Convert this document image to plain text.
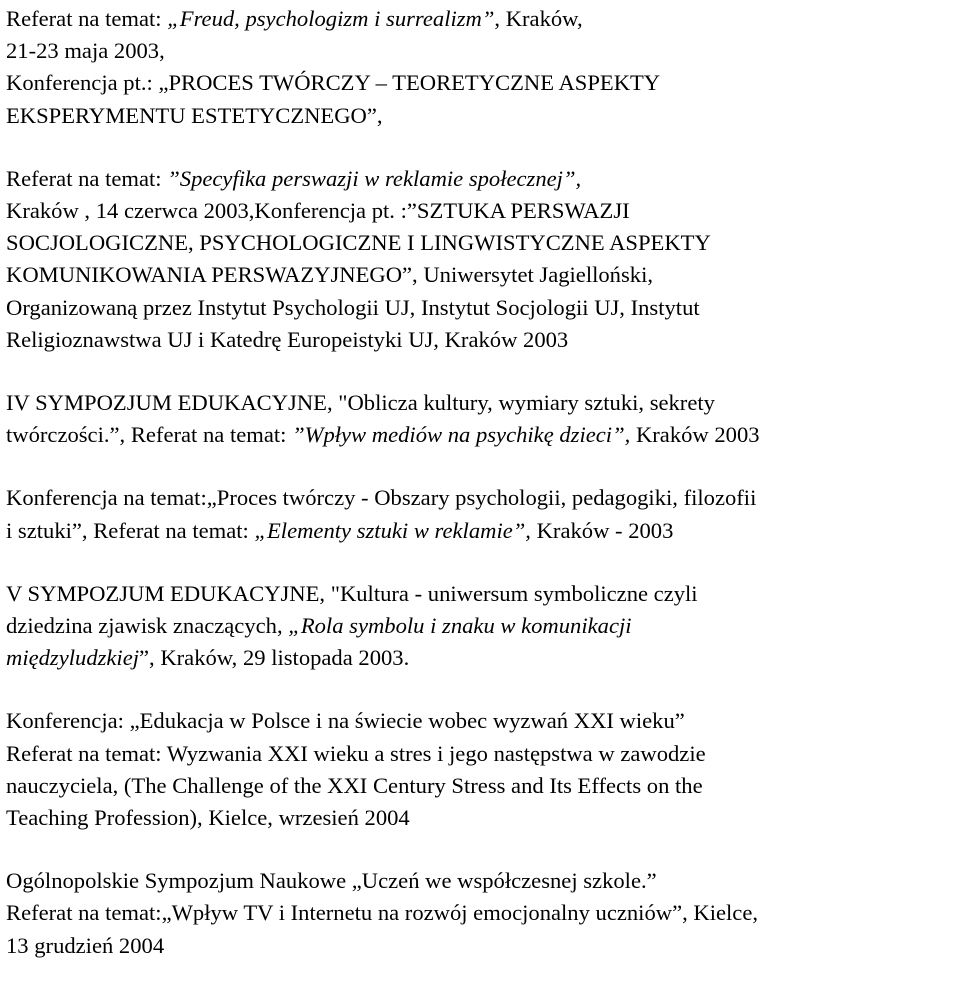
Referat na temat: „Freud, psychologizm i surrealizm”, Kraków,
21-23 maja 2003,
Konferencja pt.: „PROCES TWÓRCZY – TEORETYCZNE ASPEKTY
EKSPERYMENTU ESTETYCZNEGO”,
Referat na temat: ”Specyfika perswazji w reklamie społecznej”,
Kraków , 14 czerwca 2003,Konferencja pt. :”SZTUKA PERSWAZJI
SOCJOLOGICZNE, PSYCHOLOGICZNE I LINGWISTYCZNE ASPEKTY
KOMUNIKOWANIA PERSWAZYJNEGO”, Uniwersytet Jagielloński,
Organizowaną przez Instytut Psychologii UJ, Instytut Socjologii UJ, Instytut
Religioznawstwa UJ i Katedrę Europeistyki UJ, Kraków 2003
IV SYMPOZJUM EDUKACYJNE, "Oblicza kultury, wymiary sztuki, sekrety
twórczości.”, Referat na temat: ”Wpływ mediów na psychikę dzieci”, Kraków 2003
Konferencja na temat:„Proces twórczy - Obszary psychologii, pedagogiki, filozofii
i sztuki”, Referat na temat: „Elementy sztuki w reklamie”, Kraków - 2003
V SYMPOZJUM EDUKACYJNE, "Kultura - uniwersum symboliczne czyli
dziedzina zjawisk znaczących, „Rola symbolu i znaku w komunikacji
międzyludzkiej”, Kraków, 29 listopada 2003.
Konferencja: „Edukacja w Polsce i na świecie wobec wyzwań XXI wieku”
Referat na temat: Wyzwania XXI wieku a stres i jego następstwa w zawodzie
nauczyciela, (The Challenge of the XXI Century Stress and Its Effects on the
Teaching Profession), Kielce, wrzesień 2004
Ogólnopolskie Sympozjum Naukowe „Uczeń we współczesnej szkole.”
Referat na temat:„Wpływ TV i Internetu na rozwój emocjonalny uczniów”, Kielce,
13 grudzień 2004
